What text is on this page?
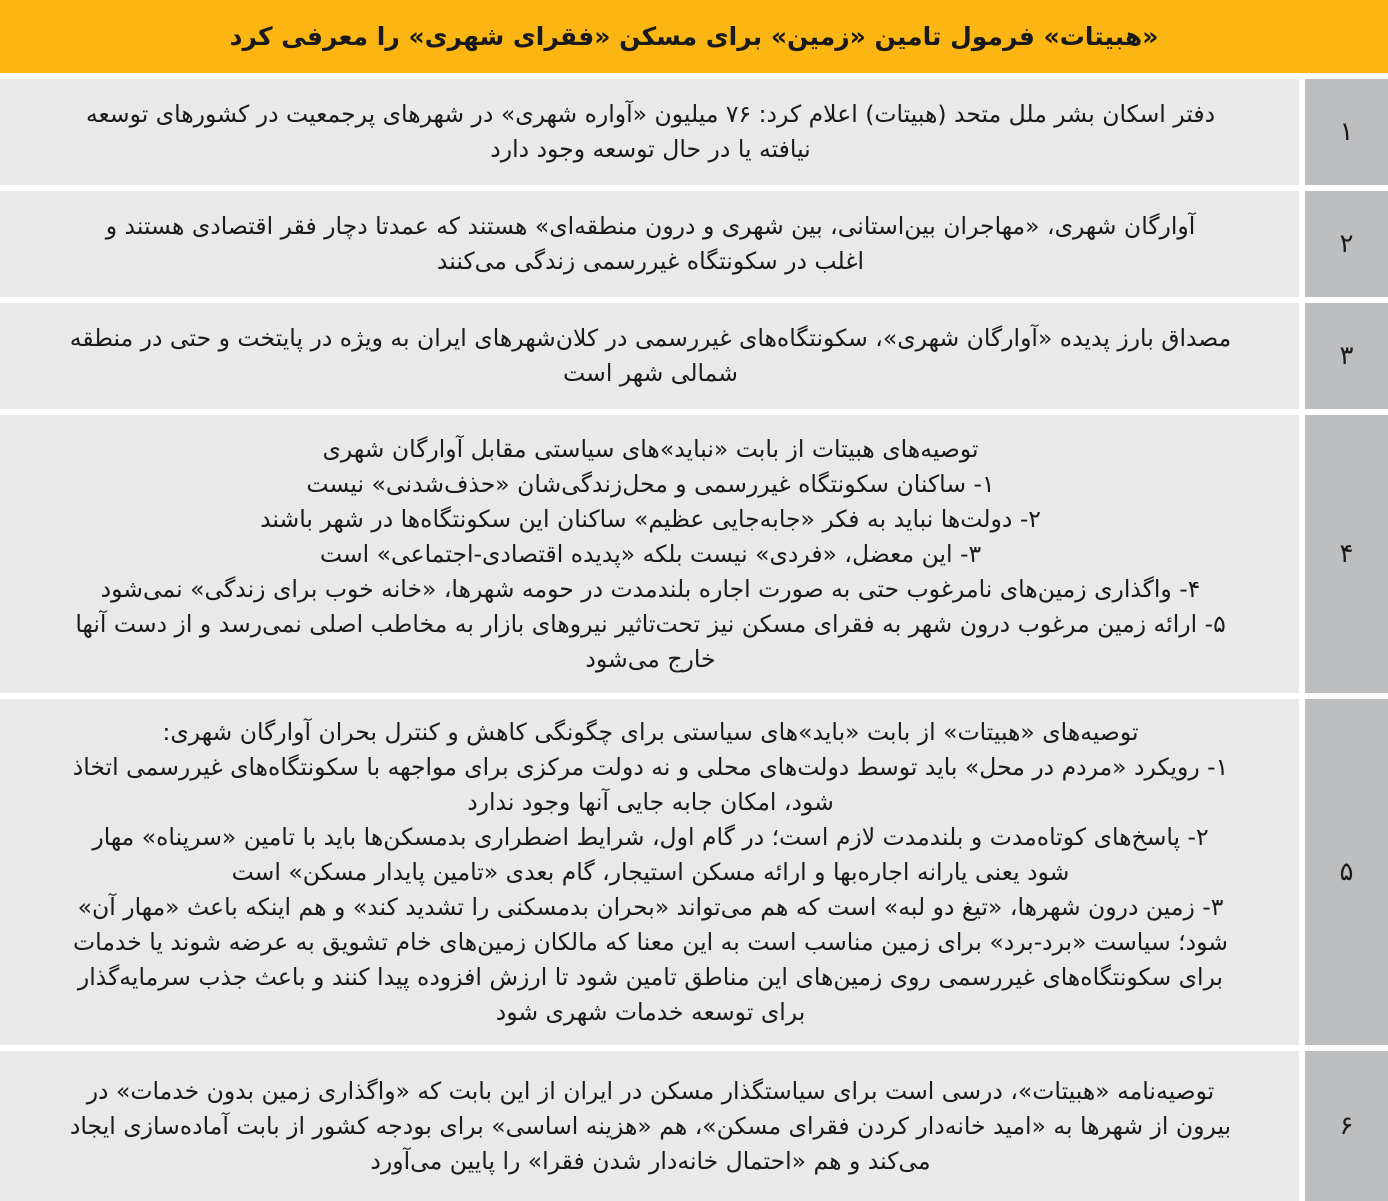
«هبیتات» فرمول تامین «زمین» برای مسکن «فقرای شهری» را معرفی کرد
۱
دفتر اسکان بشر ملل متحد (هبیتات) اعلام کرد: ۷۶ میلیون «آواره شهری» در شهرهای پرجمعیت در کشورهای توسعه
نیافته یا در حال توسعه وجود دارد
۲
آوارگان شهری، «مهاجران بین‌استانی، بین شهری و درون منطقه‌ای» هستند که عمدتا دچار فقر اقتصادی هستند و
اغلب در سکونتگاه غیررسمی زندگی می‌کنند
۳
مصداق بارز پدیده «آوارگان شهری»، سکونتگاه‌های غیررسمی در کلان‌شهرهای ایران به ویژه در پایتخت و حتی در منطقه
شمالی شهر است
۴
توصیه‌های هبیتات از بابت «نباید»‌های سیاستی مقابل آوارگان شهری
۱- ساکنان سکونتگاه غیررسمی و محل‌زندگی‌شان «حذف‌شدنی» نیست
۲- دولت‌ها نباید به فکر «جابه‌جایی عظیم» ساکنان این سکونتگاه‌ها در شهر باشند
۳- این معضل، «فردی» نیست بلکه «پدیده اقتصادی-اجتماعی» است
۴- واگذاری زمین‌های نامرغوب حتی به صورت اجاره بلندمدت در حومه شهرها، «خانه خوب برای زندگی» نمی‌شود
۵- ارائه زمین مرغوب درون شهر به فقرای مسکن نیز تحت‌تاثیر نیروهای بازار به مخاطب اصلی نمی‌رسد و از دست آنها
خارج می‌شود
۵
توصیه‌های «هبیتات» از بابت «باید»‌های سیاستی برای چگونگی کاهش و کنترل بحران آوارگان شهری:
۱- رویکرد «مردم در محل» باید توسط دولت‌های محلی و نه دولت مرکزی برای مواجهه با سکونتگاه‌های غیررسمی اتخاذ
شود، امکان جابه جایی آنها وجود ندارد
۲- پاسخ‌های کوتاه‌مدت و بلندمدت لازم است؛ در گام اول، شرایط اضطراری بدمسکن‌ها باید با تامین «سرپناه» مهار
شود یعنی یارانه اجاره‌بها و ارائه مسکن استیجار، گام بعدی «تامین پایدار مسکن» است
۳- زمین درون شهرها، «تیغ دو لبه» است که هم می‌تواند «بحران بدمسکنی را تشدید کند» و هم اینکه باعث «مهار آن»
شود؛ سیاست «برد-برد» برای زمین مناسب است به این معنا که مالکان زمین‌های خام تشویق به عرضه شوند یا خدمات
برای سکونتگاه‌های غیررسمی روی زمین‌های این مناطق تامین شود تا ارزش افزوده پیدا کنند و باعث جذب سرمایه‌گذار
برای توسعه خدمات شهری شود
۶
توصیه‌نامه «هبیتات»، درسی است برای سیاستگذار مسکن در ایران از این بابت که «واگذاری زمین بدون خدمات» در
بیرون از شهرها به «امید خانه‌دار کردن فقرای مسکن»، هم «هزینه اساسی» برای بودجه کشور از بابت آماده‌سازی ایجاد
می‌کند و هم «احتمال خانه‌دار شدن فقرا» را پایین می‌آورد
